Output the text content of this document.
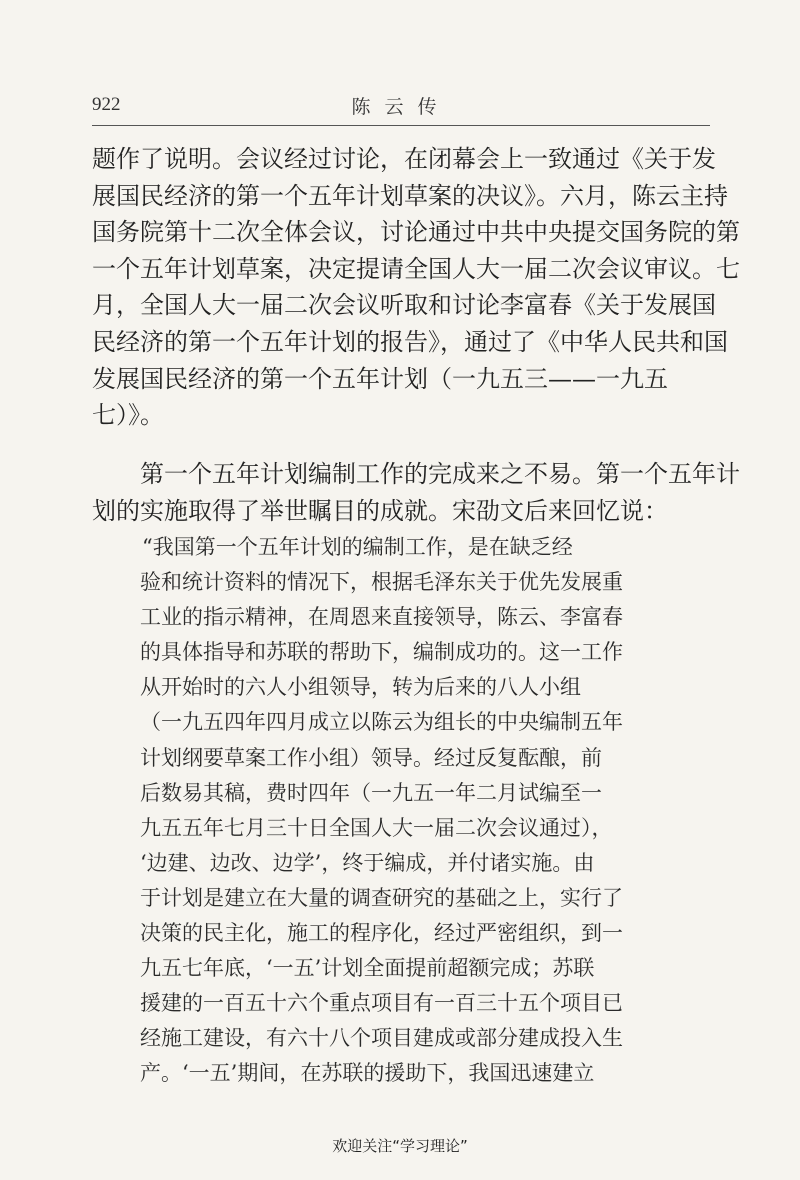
922	陈云传
题作了说明。会议经过讨论，在闭幕会上一致通过《关于发
展国民经济的第一个五年计划草案的决议》。六月，陈云主持
国务院第十二次全体会议，讨论通过中共中央提交国务院的第
一个五年计划草案，决定提请全国人大一届二次会议审议。七
月，全国人大一届二次会议听取和讨论李富春《关于发展国
民经济的第一个五年计划的报告》，通过了《中华人民共和国
发展国民经济的第一个五年计划（一九五三——一九五
七）》。
第一个五年计划编制工作的完成来之不易。第一个五年计
划的实施取得了举世瞩目的成就。宋劭文后来回忆说：
“我国第一个五年计划的编制工作，是在缺乏经
验和统计资料的情况下，根据毛泽东关于优先发展重
工业的指示精神，在周恩来直接领导，陈云、李富春
的具体指导和苏联的帮助下，编制成功的。这一工作
从开始时的六人小组领导，转为后来的八人小组
（一九五四年四月成立以陈云为组长的中央编制五年
计划纲要草案工作小组）领导。经过反复酝酿，前
后数易其稿，费时四年（一九五一年二月试编至一
九五五年七月三十日全国人大一届二次会议通过），
‘边建、边改、边学’，终于编成，并付诸实施。由
于计划是建立在大量的调查研究的基础之上，实行了
决策的民主化，施工的程序化，经过严密组织，到一
九五七年底，‘一五’计划全面提前超额完成；苏联
援建的一百五十六个重点项目有一百三十五个项目已
经施工建设，有六十八个项目建成或部分建成投入生
产。‘一五’期间，在苏联的援助下，我国迅速建立
欢迎关注“学习理论”
